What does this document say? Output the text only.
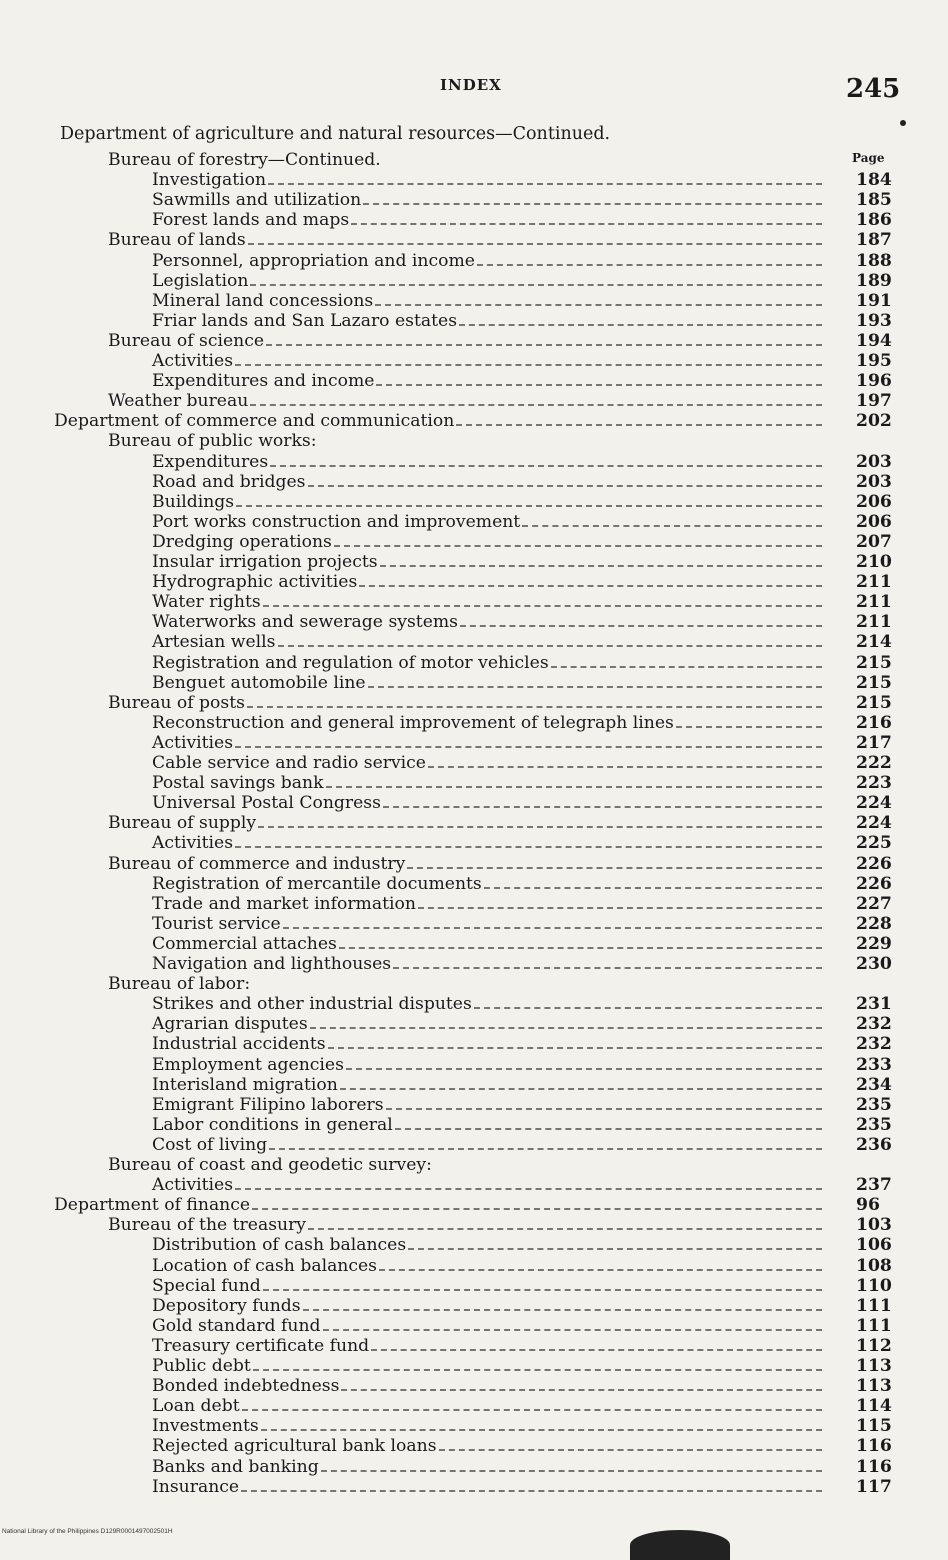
INDEX	245
Department of agriculture and natural resources—Continued.
Page
Bureau of forestry—Continued.
Investigation	184
Sawmills and utilization	185
Forest lands and maps	186
Bureau of lands	187
Personnel, appropriation and income	188
Legislation	189
Mineral land concessions	191
Friar lands and San Lazaro estates	193
Bureau of science	194
Activities	195
Expenditures and income	196
Weather bureau	197
Department of commerce and communication	202
Bureau of public works:
Expenditures	203
Road and bridges	203
Buildings	206
Port works construction and improvement	206
Dredging operations	207
Insular irrigation projects	210
Hydrographic activities	211
Water rights	211
Waterworks and sewerage systems	211
Artesian wells	214
Registration and regulation of motor vehicles	215
Benguet automobile line	215
Bureau of posts	215
Reconstruction and general improvement of telegraph lines	216
Activities	217
Cable service and radio service	222
Postal savings bank	223
Universal Postal Congress	224
Bureau of supply	224
Activities	225
Bureau of commerce and industry	226
Registration of mercantile documents	226
Trade and market information	227
Tourist service	228
Commercial attaches	229
Navigation and lighthouses	230
Bureau of labor:
Strikes and other industrial disputes	231
Agrarian disputes	232
Industrial accidents	232
Employment agencies	233
Interisland migration	234
Emigrant Filipino laborers	235
Labor conditions in general	235
Cost of living	236
Bureau of coast and geodetic survey:
Activities	237
Department of finance	96
Bureau of the treasury	103
Distribution of cash balances	106
Location of cash balances	108
Special fund	110
Depository funds	111
Gold standard fund	111
Treasury certificate fund	112
Public debt	113
Bonded indebtedness	113
Loan debt	114
Investments	115
Rejected agricultural bank loans	116
Banks and banking	116
Insurance	117
National Library of the Philippines D129R0001497002501H
